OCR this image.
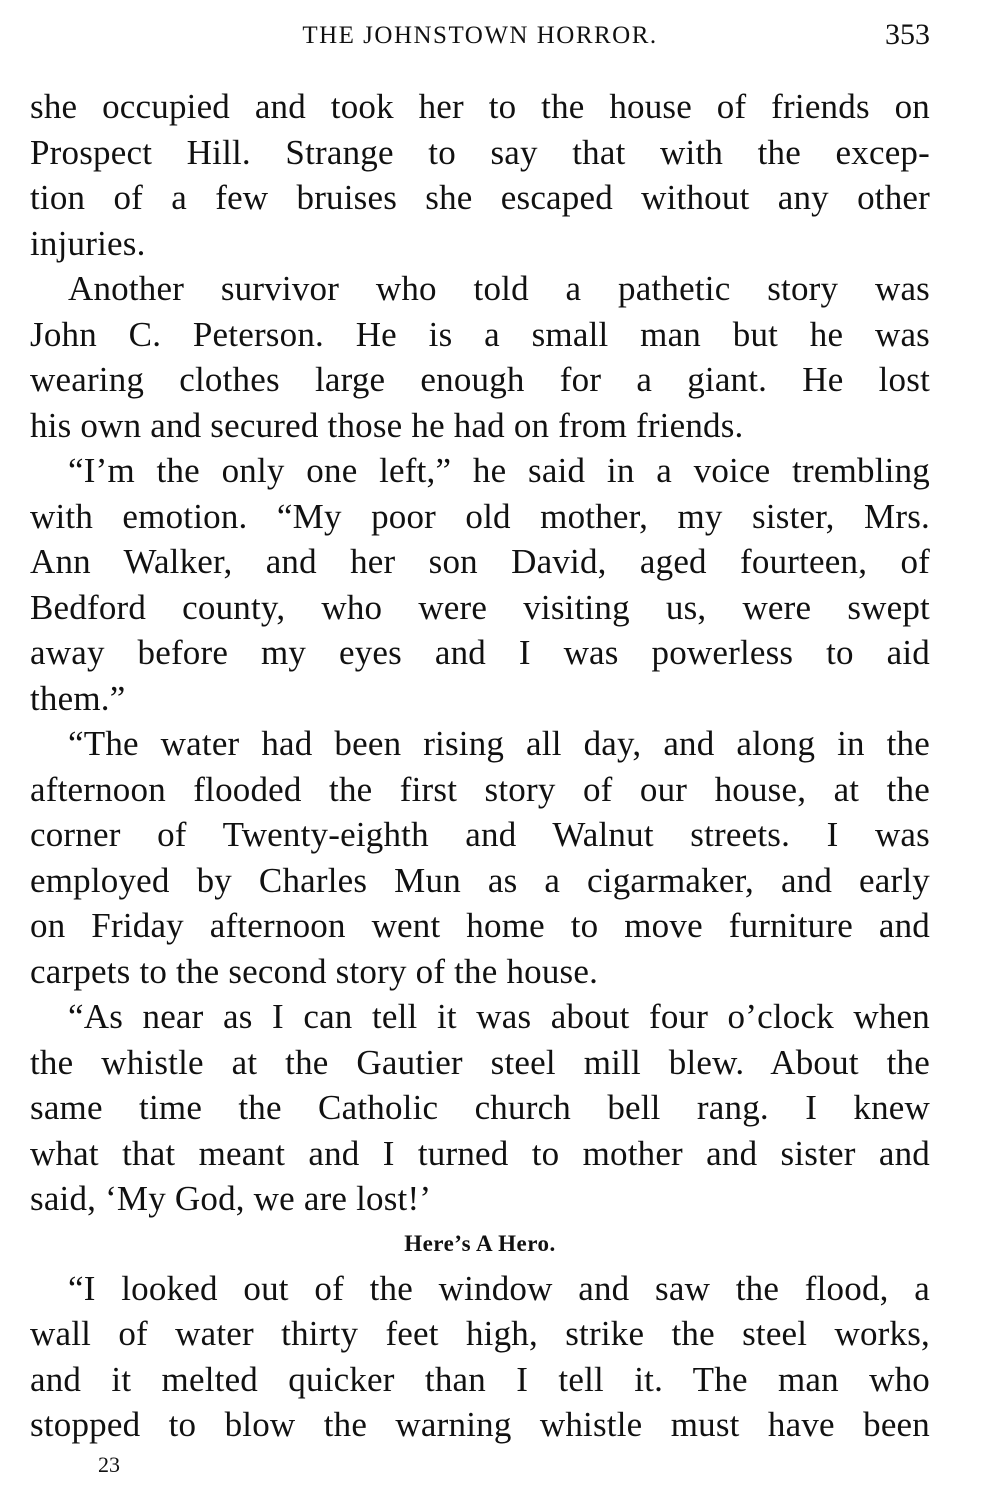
THE JOHNSTOWN HORROR.	353
she occupied and took her to the house of friends on
Prospect Hill. Strange to say that with the excep-
tion of a few bruises she escaped without any other
injuries.
Another survivor who told a pathetic story was
John C. Peterson. He is a small man but he was
wearing clothes large enough for a giant. He lost
his own and secured those he had on from friends.
“I’m the only one left,” he said in a voice trembling
with emotion. “My poor old mother, my sister, Mrs.
Ann Walker, and her son David, aged fourteen, of
Bedford county, who were visiting us, were swept
away before my eyes and I was powerless to aid
them.”
“The water had been rising all day, and along in the
afternoon flooded the first story of our house, at the
corner of Twenty-eighth and Walnut streets. I was
employed by Charles Mun as a cigarmaker, and early
on Friday afternoon went home to move furniture and
carpets to the second story of the house.
“As near as I can tell it was about four o’clock when
the whistle at the Gautier steel mill blew. About the
same time the Catholic church bell rang. I knew
what that meant and I turned to mother and sister and
said, ‘My God, we are lost!’
Here’s A Hero.
“I looked out of the window and saw the flood, a
wall of water thirty feet high, strike the steel works,
and it melted quicker than I tell it. The man who
stopped to blow the warning whistle must have been
23
